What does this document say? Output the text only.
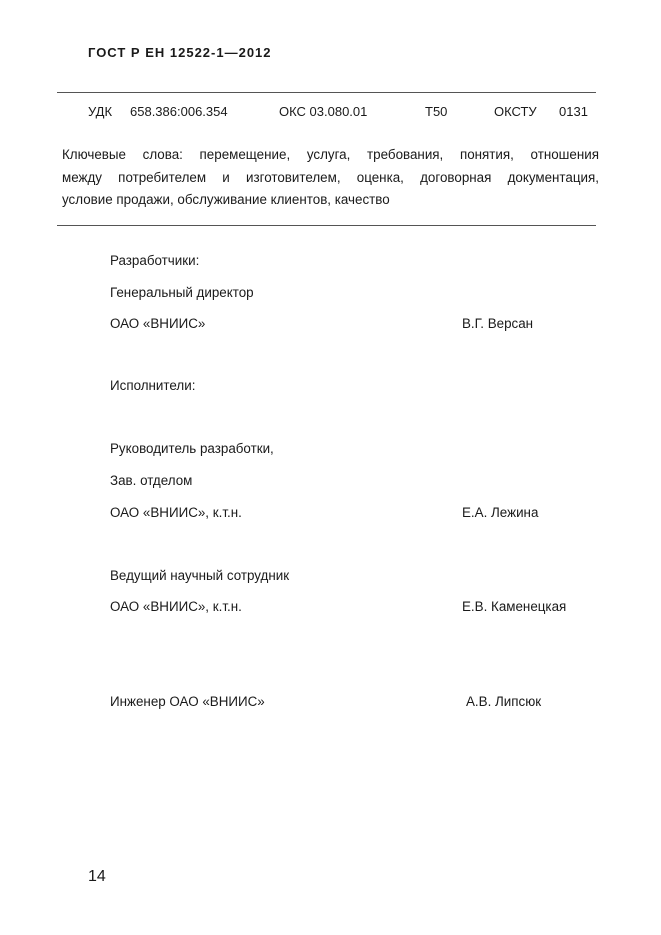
ГОСТ Р ЕН 12522-1—2012
УДК 658.386:006.354	ОКС 03.080.01	Т50	ОКСТУ 0131
Ключевые слова: перемещение, услуга, требования, понятия, отношения
между потребителем и изготовителем, оценка, договорная документация,
условие продажи, обслуживание клиентов, качество
Разработчики:
Генеральный директор
ОАО «ВНИИС»	В.Г. Версан
Исполнители:
Руководитель разработки,
Зав. отделом
ОАО «ВНИИС», к.т.н.	Е.А. Лежина
Ведущий научный сотрудник
ОАО «ВНИИС», к.т.н.	Е.В. Каменецкая
Инженер ОАО «ВНИИС»	А.В. Липсюк
14
